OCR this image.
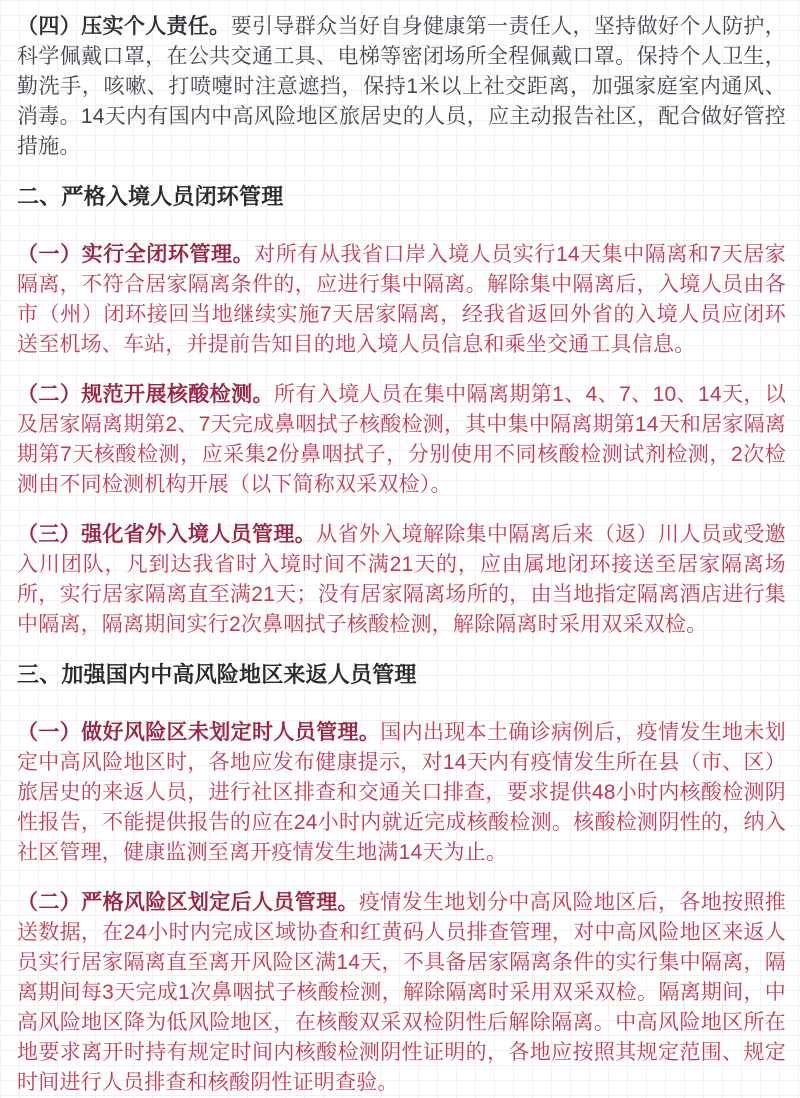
（四）压实个人责任。要引导群众当好自身健康第一责任人，坚持做好个人防护，科学佩戴口罩，在公共交通工具、电梯等密闭场所全程佩戴口罩。保持个人卫生，勤洗手，咳嗽、打喷嚏时注意遮挡，保持1米以上社交距离，加强家庭室内通风、消毒。14天内有国内中高风险地区旅居史的人员，应主动报告社区，配合做好管控措施。

二、严格入境人员闭环管理

（一）实行全闭环管理。对所有从我省口岸入境人员实行14天集中隔离和7天居家隔离，不符合居家隔离条件的，应进行集中隔离。解除集中隔离后，入境人员由各市（州）闭环接回当地继续实施7天居家隔离，经我省返回外省的入境人员应闭环送至机场、车站，并提前告知目的地入境人员信息和乘坐交通工具信息。

（二）规范开展核酸检测。所有入境人员在集中隔离期第1、4、7、10、14天，以及居家隔离期第2、7天完成鼻咽拭子核酸检测，其中集中隔离期第14天和居家隔离期第7天核酸检测，应采集2份鼻咽拭子，分别使用不同核酸检测试剂检测，2次检测由不同检测机构开展（以下简称双采双检）。

（三）强化省外入境人员管理。从省外入境解除集中隔离后来（返）川人员或受邀入川团队，凡到达我省时入境时间不满21天的，应由属地闭环接送至居家隔离场所，实行居家隔离直至满21天；没有居家隔离场所的，由当地指定隔离酒店进行集中隔离，隔离期间实行2次鼻咽拭子核酸检测，解除隔离时采用双采双检。

三、加强国内中高风险地区来返人员管理

（一）做好风险区未划定时人员管理。国内出现本土确诊病例后，疫情发生地未划定中高风险地区时，各地应发布健康提示，对14天内有疫情发生所在县（市、区）旅居史的来返人员，进行社区排查和交通关口排查，要求提供48小时内核酸检测阴性报告，不能提供报告的应在24小时内就近完成核酸检测。核酸检测阴性的，纳入社区管理，健康监测至离开疫情发生地满14天为止。

（二）严格风险区划定后人员管理。疫情发生地划分中高风险地区后，各地按照推送数据，在24小时内完成区域协查和红黄码人员排查管理，对中高风险地区来返人员实行居家隔离直至离开风险区满14天，不具备居家隔离条件的实行集中隔离，隔离期间每3天完成1次鼻咽拭子核酸检测，解除隔离时采用双采双检。隔离期间，中高风险地区降为低风险地区，在核酸双采双检阴性后解除隔离。中高风险地区所在地要求离开时持有规定时间内核酸检测阴性证明的，各地应按照其规定范围、规定时间进行人员排查和核酸阴性证明查验。
